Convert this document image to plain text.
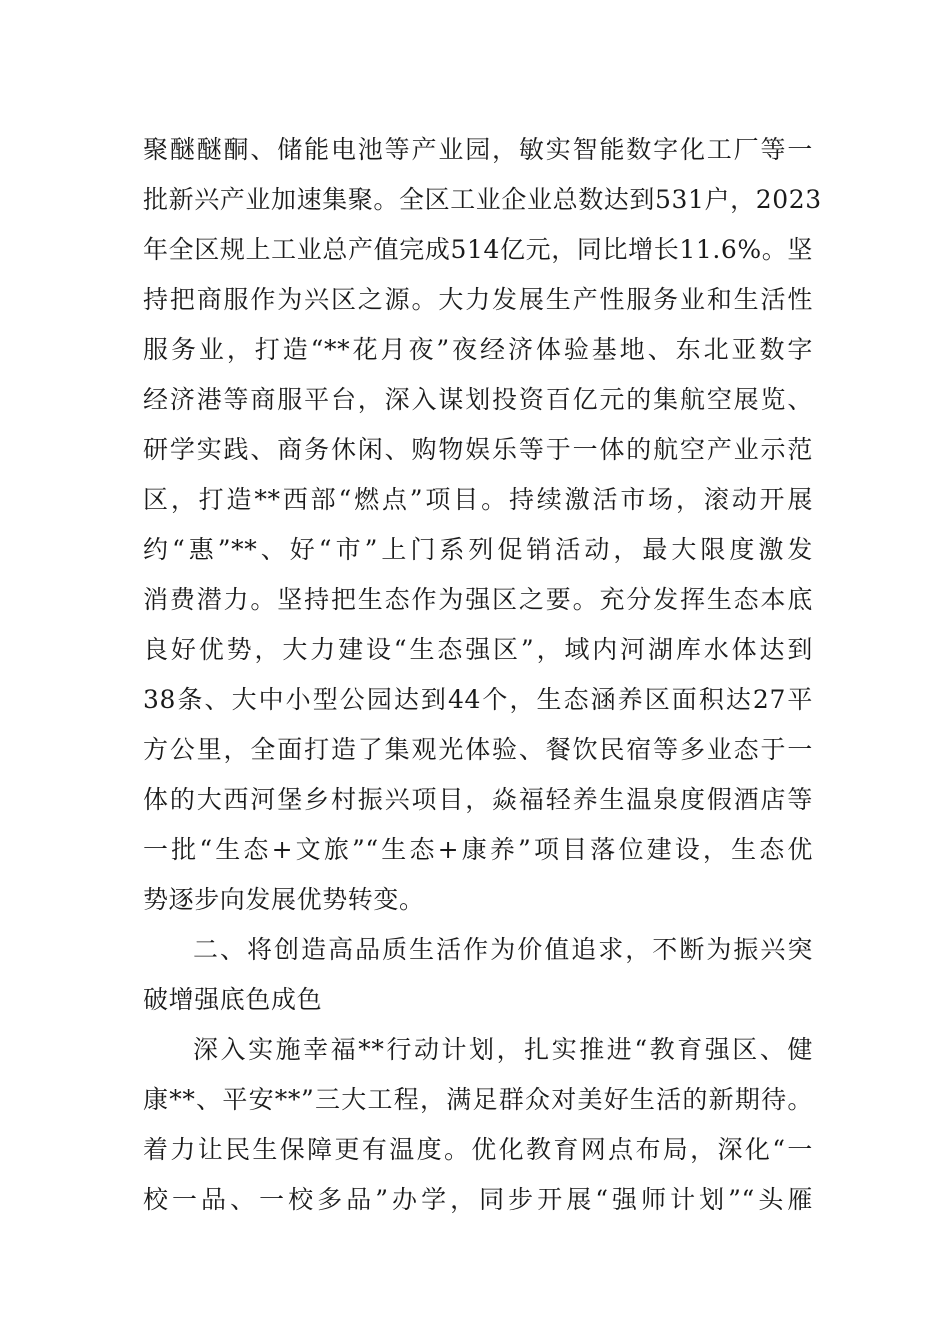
聚醚醚酮、储能电池等产业园，敏实智能数字化工厂等一
批新兴产业加速集聚。全区工业企业总数达到531户，2023
年全区规上工业总产值完成514亿元，同比增长11.6%。坚
持把商服作为兴区之源。大力发展生产性服务业和生活性
服务业，打造“**花月夜”夜经济体验基地、东北亚数字
经济港等商服平台，深入谋划投资百亿元的集航空展览、
研学实践、商务休闲、购物娱乐等于一体的航空产业示范
区，打造**西部“燃点”项目。持续激活市场，滚动开展
约“惠”**、好“市”上门系列促销活动，最大限度激发
消费潜力。坚持把生态作为强区之要。充分发挥生态本底
良好优势，大力建设“生态强区”，域内河湖库水体达到
38条、大中小型公园达到44个，生态涵养区面积达27平
方公里，全面打造了集观光体验、餐饮民宿等多业态于一
体的大西河堡乡村振兴项目，焱福轻养生温泉度假酒店等
一批“生态+文旅”“生态+康养”项目落位建设，生态优
势逐步向发展优势转变。
二、将创造高品质生活作为价值追求，不断为振兴突
破增强底色成色
深入实施幸福**行动计划，扎实推进“教育强区、健
康**、平安**”三大工程，满足群众对美好生活的新期待。
着力让民生保障更有温度。优化教育网点布局，深化“一
校一品、一校多品”办学，同步开展“强师计划”“头雁
